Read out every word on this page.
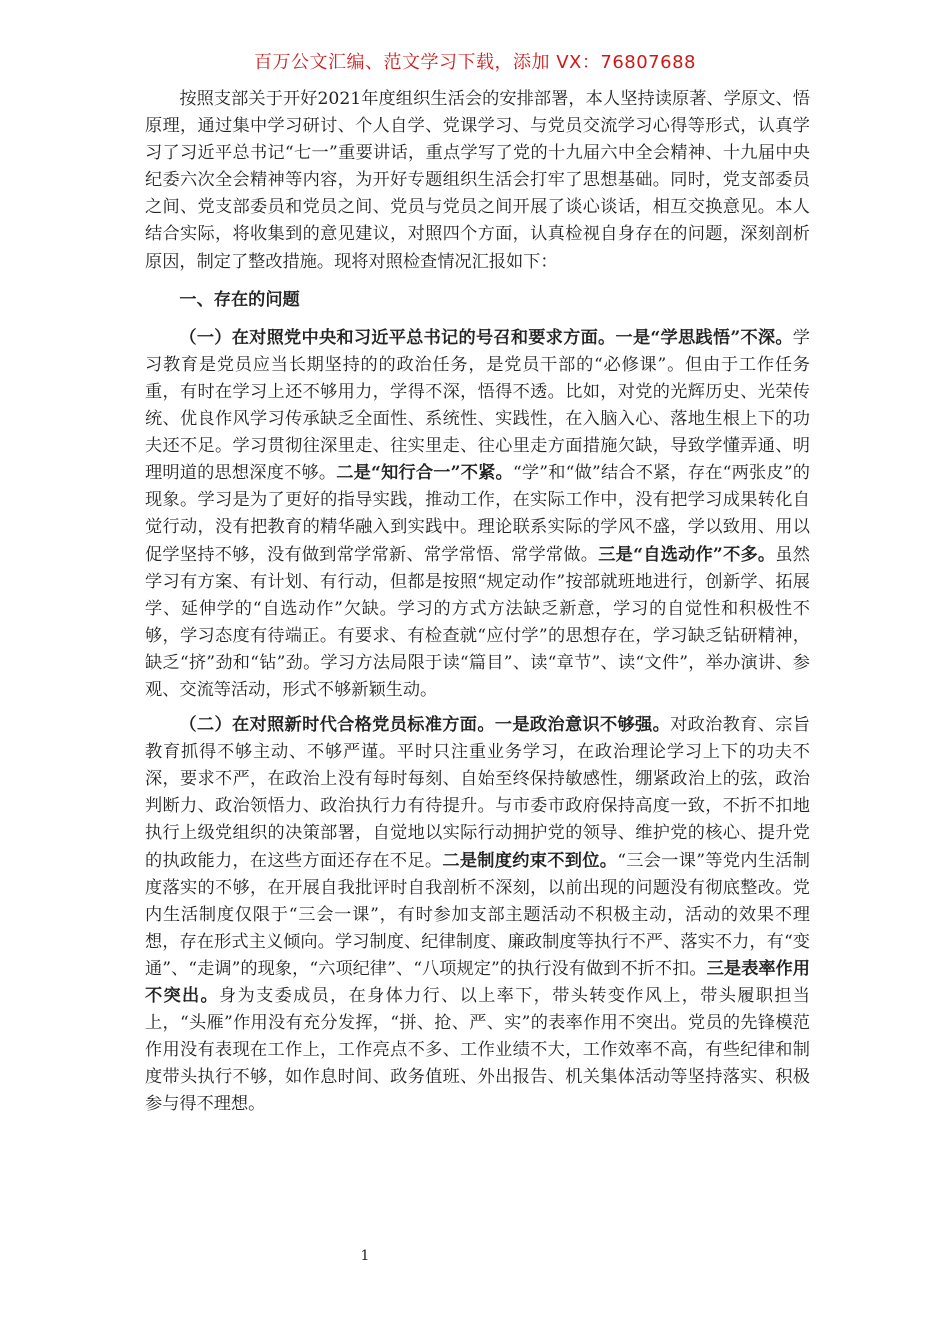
百万公文汇编、范文学习下载，添加 VX：76807688

按照支部关于开好2021年度组织生活会的安排部署，本人坚持读原著、学原文、悟原理，通过集中学习研讨、个人自学、党课学习、与党员交流学习心得等形式，认真学习了习近平总书记“七一”重要讲话，重点学写了党的十九届六中全会精神、十九届中央纪委六次全会精神等内容，为开好专题组织生活会打牢了思想基础。同时，党支部委员之间、党支部委员和党员之间、党员与党员之间开展了谈心谈话，相互交换意见。本人结合实际，将收集到的意见建议，对照四个方面，认真检视自身存在的问题，深刻剖析原因，制定了整改措施。现将对照检查情况汇报如下：

一、存在的问题

（一）在对照党中央和习近平总书记的号召和要求方面。一是“学思践悟”不深。学习教育是党员应当长期坚持的的政治任务，是党员干部的“必修课”。但由于工作任务重，有时在学习上还不够用力，学得不深，悟得不透。比如，对党的光辉历史、光荣传统、优良作风学习传承缺乏全面性、系统性、实践性，在入脑入心、落地生根上下的功夫还不足。学习贯彻往深里走、往实里走、往心里走方面措施欠缺，导致学懂弄通、明理明道的思想深度不够。二是“知行合一”不紧。“学”和“做”结合不紧，存在“两张皮”的现象。学习是为了更好的指导实践，推动工作，在实际工作中，没有把学习成果转化自觉行动，没有把教育的精华融入到实践中。理论联系实际的学风不盛，学以致用、用以促学坚持不够，没有做到常学常新、常学常悟、常学常做。三是“自选动作”不多。虽然学习有方案、有计划、有行动，但都是按照“规定动作”按部就班地进行，创新学、拓展学、延伸学的“自选动作”欠缺。学习的方式方法缺乏新意，学习的自觉性和积极性不够，学习态度有待端正。有要求、有检查就“应付学”的思想存在，学习缺乏钻研精神，缺乏“挤”劲和“钻”劲。学习方法局限于读“篇目”、读“章节”、读“文件”，举办演讲、参观、交流等活动，形式不够新颖生动。

（二）在对照新时代合格党员标准方面。一是政治意识不够强。对政治教育、宗旨教育抓得不够主动、不够严谨。平时只注重业务学习，在政治理论学习上下的功夫不深，要求不严，在政治上没有每时每刻、自始至终保持敏感性，绷紧政治上的弦，政治判断力、政治领悟力、政治执行力有待提升。与市委市政府保持高度一致，不折不扣地执行上级党组织的决策部署，自觉地以实际行动拥护党的领导、维护党的核心、提升党的执政能力，在这些方面还存在不足。二是制度约束不到位。“三会一课”等党内生活制度落实的不够，在开展自我批评时自我剖析不深刻，以前出现的问题没有彻底整改。党内生活制度仅限于“三会一课”，有时参加支部主题活动不积极主动，活动的效果不理想，存在形式主义倾向。学习制度、纪律制度、廉政制度等执行不严、落实不力，有“变通”、“走调”的现象，“六项纪律”、“八项规定”的执行没有做到不折不扣。三是表率作用不突出。身为支委成员，在身体力行、以上率下，带头转变作风上，带头履职担当上，“头雁”作用没有充分发挥，“拼、抢、严、实”的表率作用不突出。党员的先锋模范作用没有表现在工作上，工作亮点不多、工作业绩不大，工作效率不高，有些纪律和制度带头执行不够，如作息时间、政务值班、外出报告、机关集体活动等坚持落实、积极参与得不理想。

1
